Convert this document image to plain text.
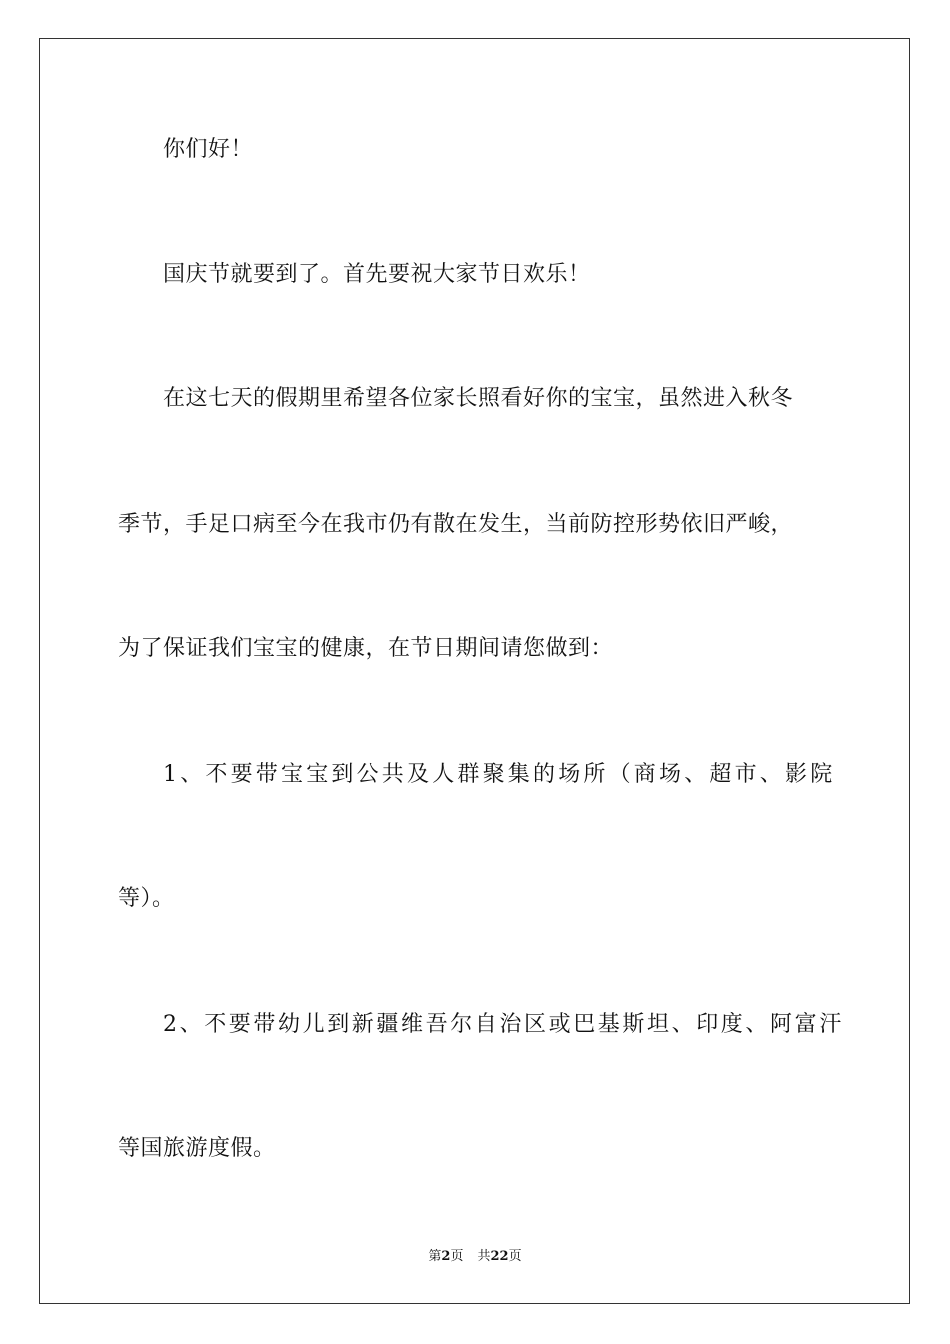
你们好！
国庆节就要到了。首先要祝大家节日欢乐！
在这七天的假期里希望各位家长照看好你的宝宝，虽然进入秋冬
季节，手足口病至今在我市仍有散在发生，当前防控形势依旧严峻，
为了保证我们宝宝的健康，在节日期间请您做到：
1、不要带宝宝到公共及人群聚集的场所（商场、超市、影院
等）。
2、不要带幼儿到新疆维吾尔自治区或巴基斯坦、印度、阿富汗
等国旅游度假。
第2页 共22页
